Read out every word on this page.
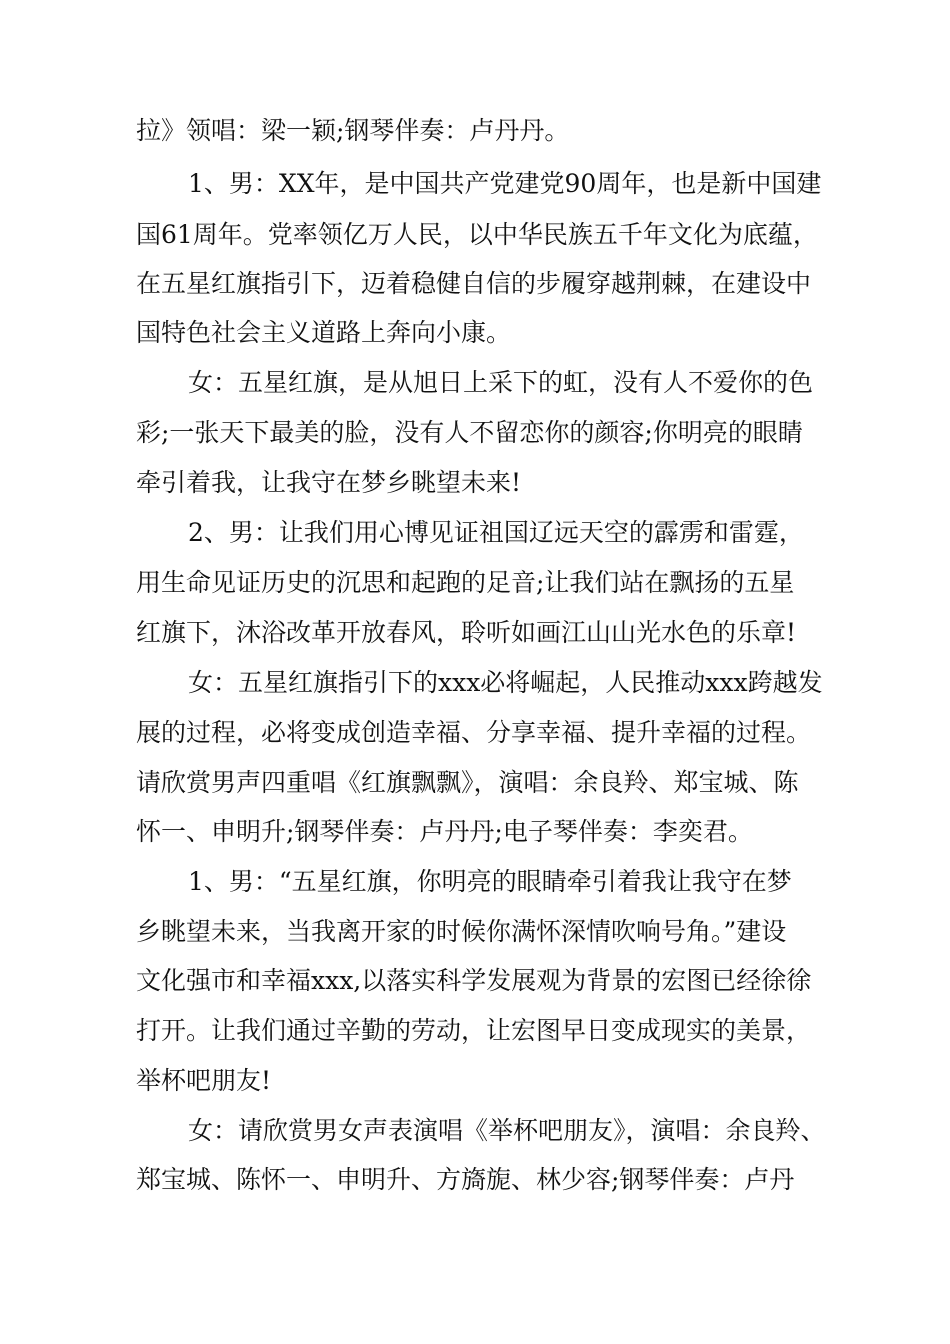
拉》领唱：梁一颖;钢琴伴奏：卢丹丹。
1、男：XX年，是中国共产党建党90周年，也是新中国建
国61周年。党率领亿万人民，以中华民族五千年文化为底蕴，
在五星红旗指引下，迈着稳健自信的步履穿越荆棘，在建设中
国特色社会主义道路上奔向小康。
女：五星红旗，是从旭日上采下的虹，没有人不爱你的色
彩;一张天下最美的脸，没有人不留恋你的颜容;你明亮的眼睛
牵引着我，让我守在梦乡眺望未来!
2、男：让我们用心博见证祖国辽远天空的霹雳和雷霆，
用生命见证历史的沉思和起跑的足音;让我们站在飘扬的五星
红旗下，沐浴改革开放春风，聆听如画江山山光水色的乐章!
女：五星红旗指引下的xxx必将崛起，人民推动xxx跨越发
展的过程，必将变成创造幸福、分享幸福、提升幸福的过程。
请欣赏男声四重唱《红旗飘飘》，演唱：余良羚、郑宝城、陈
怀一、申明升;钢琴伴奏：卢丹丹;电子琴伴奏：李奕君。
1、男：“五星红旗，你明亮的眼睛牵引着我让我守在梦
乡眺望未来，当我离开家的时候你满怀深情吹响号角。”建设
文化强市和幸福xxx,以落实科学发展观为背景的宏图已经徐徐
打开。让我们通过辛勤的劳动，让宏图早日变成现实的美景，
举杯吧朋友!
女：请欣赏男女声表演唱《举杯吧朋友》，演唱：余良羚、
郑宝城、陈怀一、申明升、方旖旎、林少容;钢琴伴奏：卢丹
